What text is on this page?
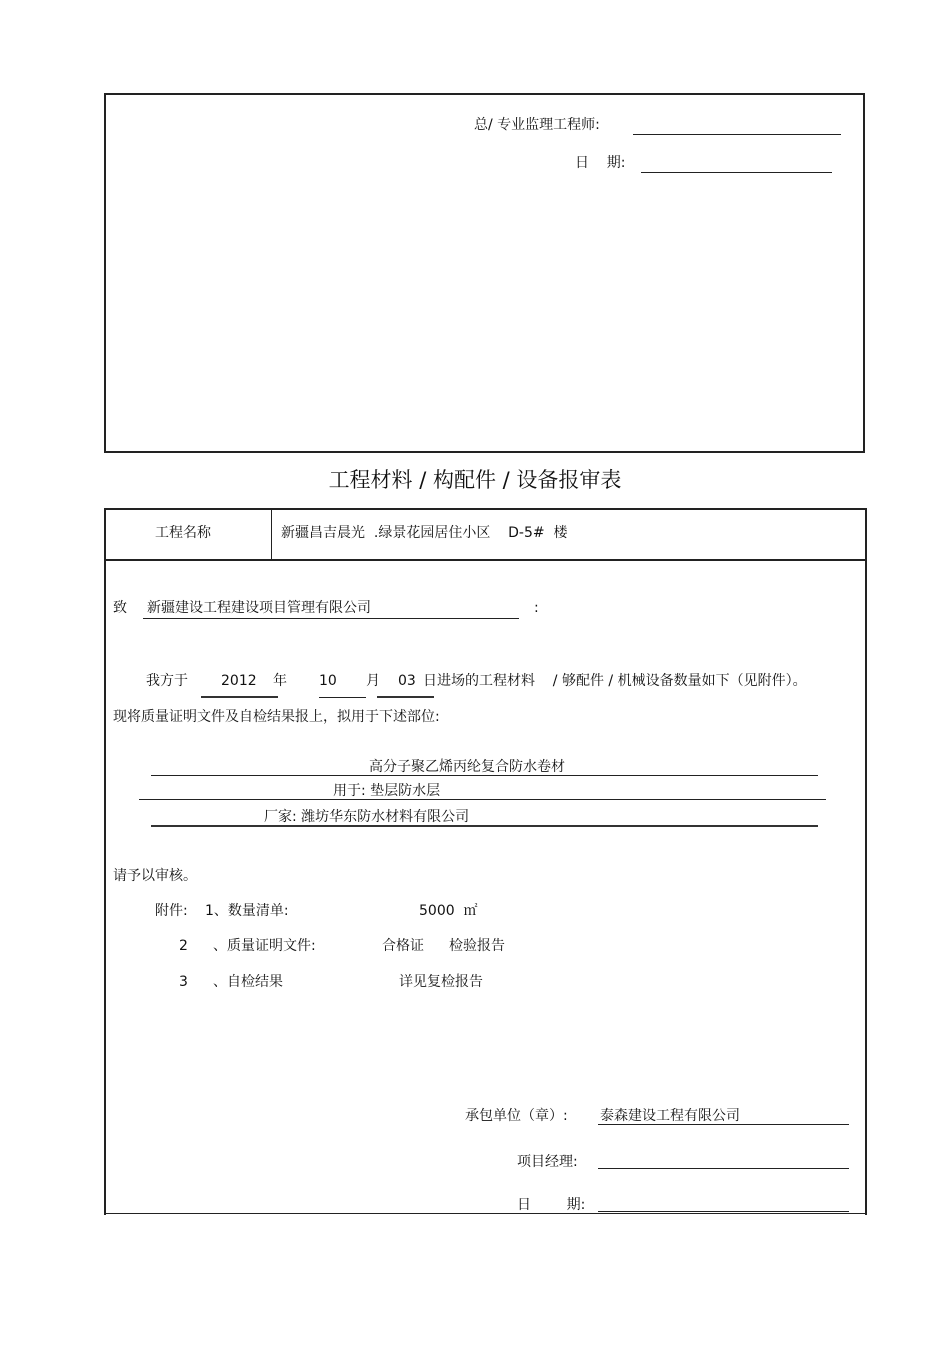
总/ 专业监理工程师:
日    期:
工程材料 / 构配件 / 设备报审表
工程名称	新疆昌吉晨光  .绿景花园居住小区    D-5#  楼
致 新疆建设工程建设项目管理有限公司	:
我方于 2012 年 10 月 03 日进场的工程材料    / 够配件 / 机械设备数量如下（见附件）。
现将质量证明文件及自检结果报上，拟用于下述部位:
高分子聚乙烯丙纶复合防水卷材
用于: 垫层防水层
厂家: 潍坊华东防水材料有限公司
请予以审核。
附件: 1、数量清单:	5000  ㎡
2 、质量证明文件:	合格证 检验报告
3 、自检结果	详见复检报告
承包单位（章）: 泰森建设工程有限公司
项目经理:
日        期:
